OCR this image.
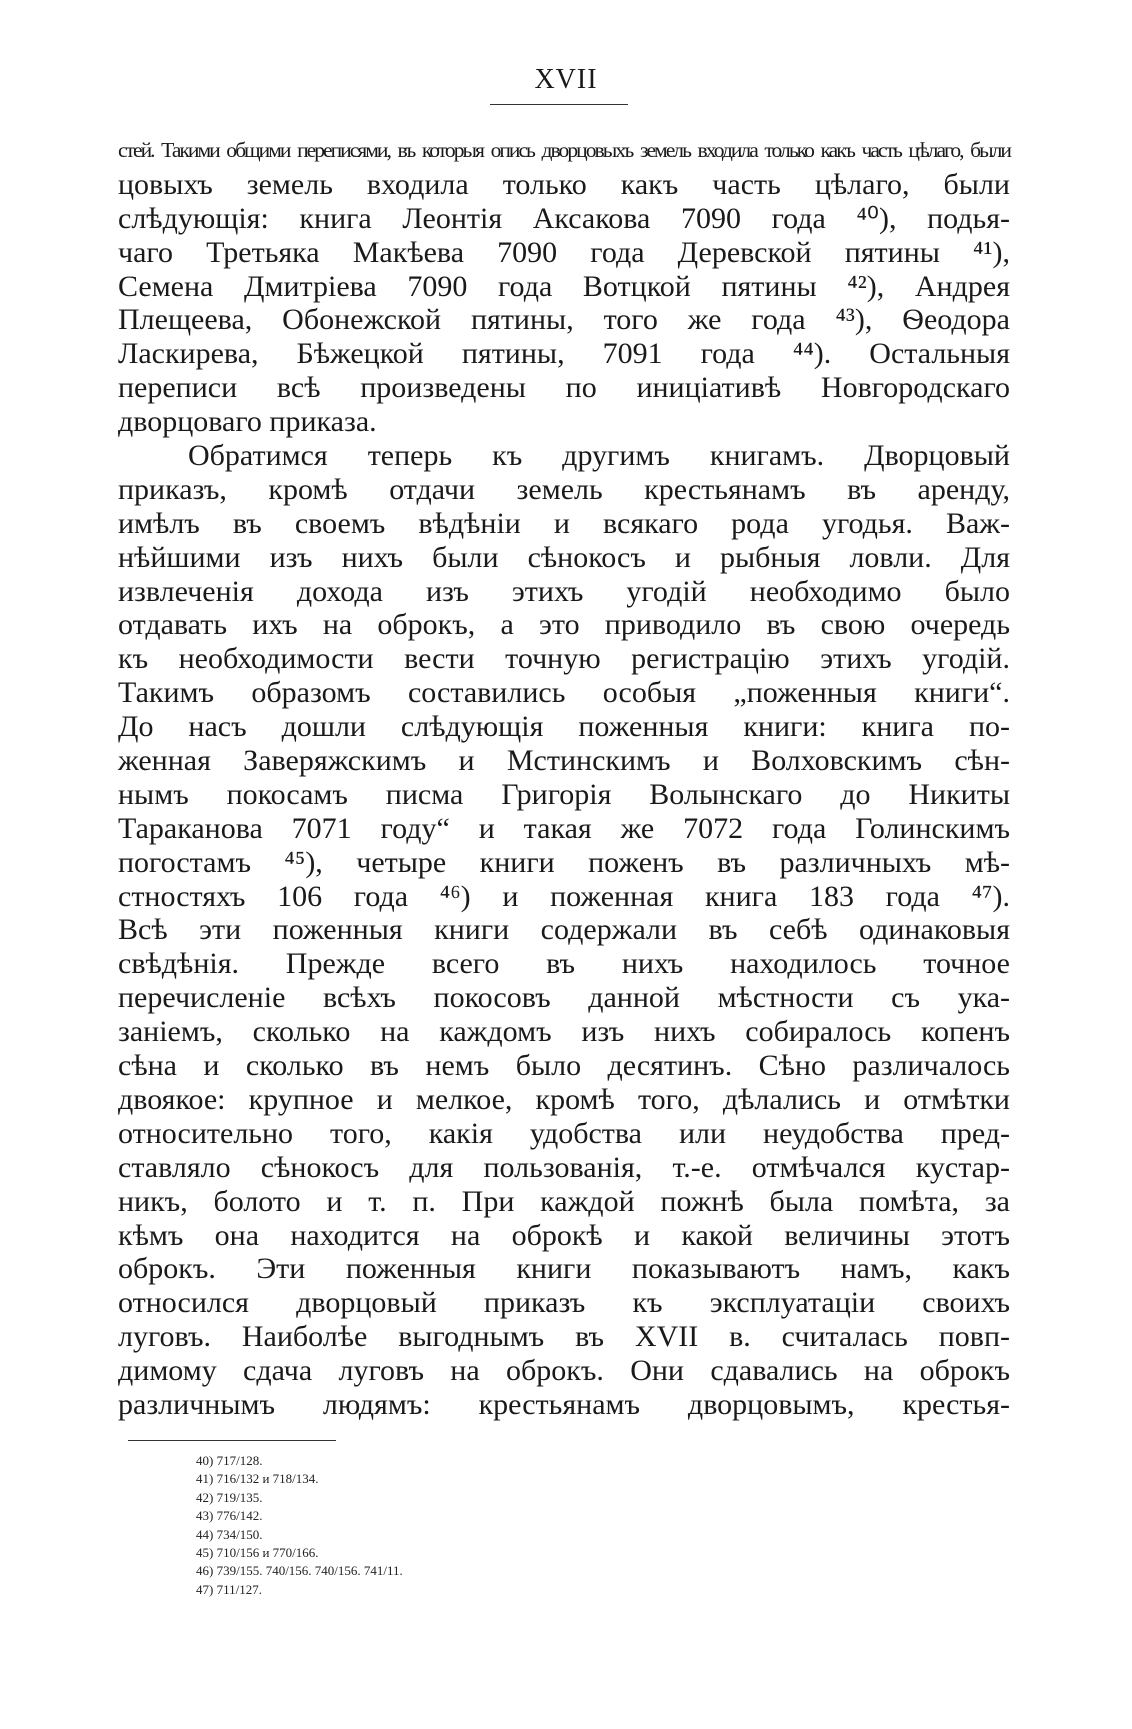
XVII
стей. Такими общими переписями, въ которыя опись дворцовыхъ земель входила только какъ часть цѣлаго, были
цовыхъ земель входила только какъ часть цѣлаго, были
слѣдующія: книга Леонтія Аксакова 7090 года ⁴⁰), подья-
чаго Третьяка Макѣева 7090 года Деревской пятины ⁴¹),
Семена Дмитріева 7090 года Вотцкой пятины ⁴²), Андрея
Плещеева, Обонежской пятины, того же года ⁴³), Ѳеодора
Ласкирева, Бѣжецкой пятины, 7091 года ⁴⁴). Остальныя
переписи всѣ произведены по иниціативѣ Новгородскаго
дворцоваго приказа.
Обратимся теперь къ другимъ книгамъ. Дворцовый
приказъ, кромѣ отдачи земель крестьянамъ въ аренду,
имѣлъ въ своемъ вѣдѣніи и всякаго рода угодья. Важ-
нѣйшими изъ нихъ были сѣнокосъ и рыбныя ловли. Для
извлеченія дохода изъ этихъ угодій необходимо было
отдавать ихъ на оброкъ, а это приводило въ свою очередь
къ необходимости вести точную регистрацію этихъ угодій.
Такимъ образомъ составились особыя „поженныя книги“.
До насъ дошли слѣдующія поженныя книги: книга по-
женная Заверяжскимъ и Мстинскимъ и Волховскимъ сѣн-
нымъ покосамъ писма Григорія Волынскаго до Никиты
Тараканова 7071 году“ и такая же 7072 года Голинскимъ
погостамъ ⁴⁵), четыре книги поженъ въ различныхъ мѣ-
стностяхъ 106 года ⁴⁶) и поженная книга 183 года ⁴⁷).
Всѣ эти поженныя книги содержали въ себѣ одинаковыя
свѣдѣнія. Прежде всего въ нихъ находилось точное
перечисленіе всѣхъ покосовъ данной мѣстности съ ука-
заніемъ, сколько на каждомъ изъ нихъ собиралось копенъ
сѣна и сколько въ немъ было десятинъ. Сѣно различалось
двоякое: крупное и мелкое, кромѣ того, дѣлались и отмѣтки
относительно того, какія удобства или неудобства пред-
ставляло сѣнокосъ для пользованія, т.-е. отмѣчался кустар-
никъ, болото и т. п. При каждой пожнѣ была помѣта, за
кѣмъ она находится на оброкѣ и какой величины этотъ
оброкъ. Эти поженныя книги показываютъ намъ, какъ
относился дворцовый приказъ къ эксплуатаціи своихъ
луговъ. Наиболѣе выгоднымъ въ XVII в. считалась повп-
димому сдача луговъ на оброкъ. Они сдавались на оброкъ
различнымъ людямъ: крестьянамъ дворцовымъ, крестья-
40) 717/128.
41) 716/132 и 718/134.
42) 719/135.
43) 776/142.
44) 734/150.
45) 710/156 и 770/166.
46) 739/155. 740/156. 740/156. 741/11.
47) 711/127.
